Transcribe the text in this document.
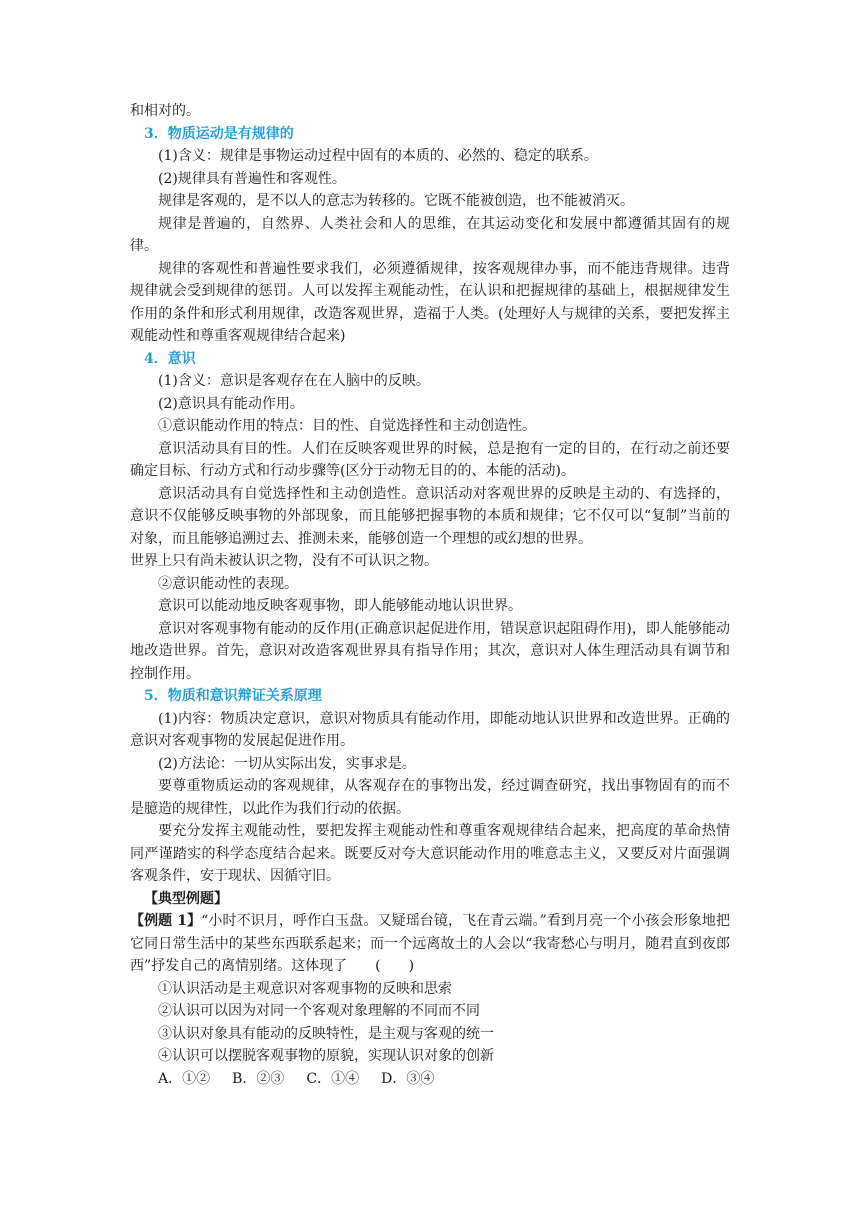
和相对的。

3．物质运动是有规律的

(1)含义：规律是事物运动过程中固有的本质的、必然的、稳定的联系。

(2)规律具有普遍性和客观性。

规律是客观的，是不以人的意志为转移的。它既不能被创造，也不能被消灭。

规律是普遍的，自然界、人类社会和人的思维，在其运动变化和发展中都遵循其固有的规律。

规律的客观性和普遍性要求我们，必须遵循规律，按客观规律办事，而不能违背规律。违背规律就会受到规律的惩罚。人可以发挥主观能动性，在认识和把握规律的基础上，根据规律发生作用的条件和形式利用规律，改造客观世界，造福于人类。(处理好人与规律的关系，要把发挥主观能动性和尊重客观规律结合起来)

4．意识

(1)含义：意识是客观存在在人脑中的反映。

(2)意识具有能动作用。

①意识能动作用的特点：目的性、自觉选择性和主动创造性。

意识活动具有目的性。人们在反映客观世界的时候，总是抱有一定的目的，在行动之前还要确定目标、行动方式和行动步骤等(区分于动物无目的的、本能的活动)。

意识活动具有自觉选择性和主动创造性。意识活动对客观世界的反映是主动的、有选择的，意识不仅能够反映事物的外部现象，而且能够把握事物的本质和规律；它不仅可以“复制”当前的对象，而且能够追溯过去、推测未来，能够创造一个理想的或幻想的世界。

世界上只有尚未被认识之物，没有不可认识之物。

②意识能动性的表现。

意识可以能动地反映客观事物，即人能够能动地认识世界。

意识对客观事物有能动的反作用(正确意识起促进作用，错误意识起阻碍作用)，即人能够能动地改造世界。首先，意识对改造客观世界具有指导作用；其次，意识对人体生理活动具有调节和控制作用。

5．物质和意识辩证关系原理

(1)内容：物质决定意识，意识对物质具有能动作用，即能动地认识世界和改造世界。正确的意识对客观事物的发展起促进作用。

(2)方法论：一切从实际出发，实事求是。

要尊重物质运动的客观规律，从客观存在的事物出发，经过调查研究，找出事物固有的而不是臆造的规律性，以此作为我们行动的依据。

要充分发挥主观能动性，要把发挥主观能动性和尊重客观规律结合起来，把高度的革命热情同严谨踏实的科学态度结合起来。既要反对夸大意识能动作用的唯意志主义，又要反对片面强调客观条件，安于现状、因循守旧。

【典型例题】

【例题 1】“小时不识月，呼作白玉盘。又疑瑶台镜，飞在青云端。”看到月亮一个小孩会形象地把它同日常生活中的某些东西联系起来；而一个远离故土的人会以“我寄愁心与明月，随君直到夜郎西”抒发自己的离情别绪。这体现了　　(　　)

①认识活动是主观意识对客观事物的反映和思索

②认识可以因为对同一个客观对象理解的不同而不同

③认识对象具有能动的反映特性，是主观与客观的统一

④认识可以摆脱客观事物的原貌，实现认识对象的创新

A．①② B．②③ C．①④ D．③④
